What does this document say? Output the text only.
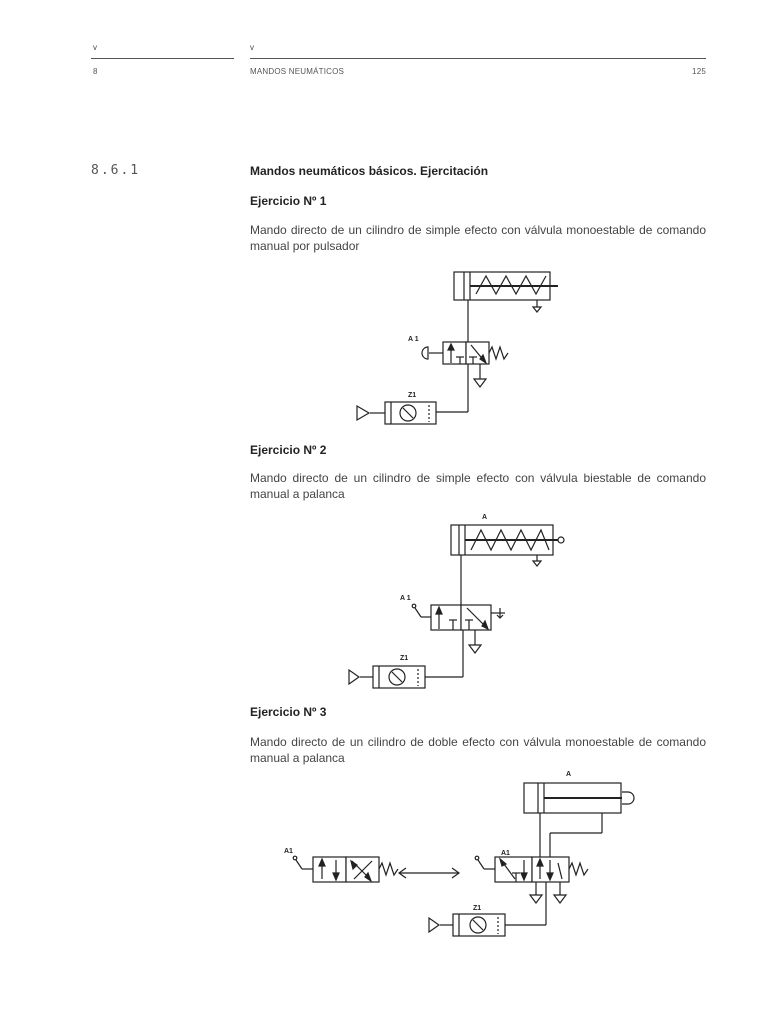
v	v
8	MANDOS NEUMÁTICOS	125
8.6.1	Mandos neumáticos básicos. Ejercitación
Ejercicio Nº 1
Mando directo de un cilindro de simple efecto con válvula monoestable de comando manual por pulsador
A 1
Z1
Ejercicio Nº 2
Mando directo de un cilindro de simple efecto con válvula biestable de comando manual a palanca
A
A 1
Z1
Ejercicio Nº 3
Mando directo de un cilindro de doble efecto con válvula monoestable de comando manual a palanca
A
A1	A1
Z1
